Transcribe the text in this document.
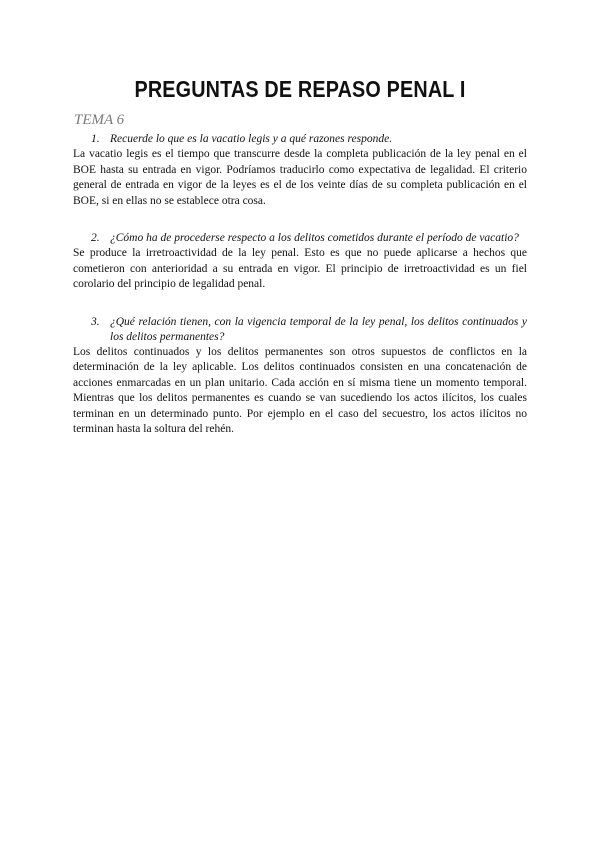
PREGUNTAS DE REPASO PENAL I
TEMA 6

1. Recuerde lo que es la vacatio legis y a qué razones responde.

La vacatio legis es el tiempo que transcurre desde la completa publicación de la ley penal en el BOE hasta su entrada en vigor. Podríamos traducirlo como expectativa de legalidad. El criterio general de entrada en vigor de la leyes es el de los veinte días de su completa publicación en el BOE, si en ellas no se establece otra cosa.

2. ¿Cómo ha de procederse respecto a los delitos cometidos durante el período de vacatio?

Se produce la irretroactividad de la ley penal. Esto es que no puede aplicarse a hechos que cometieron con anterioridad a su entrada en vigor. El principio de irretroactividad es un fiel corolario del principio de legalidad penal.

3. ¿Qué relación tienen, con la vigencia temporal de la ley penal, los delitos continuados y los delitos permanentes?

Los delitos continuados y los delitos permanentes son otros supuestos de conflictos en la determinación de la ley aplicable. Los delitos continuados consisten en una concatenación de acciones enmarcadas en un plan unitario. Cada acción en sí misma tiene un momento temporal. Mientras que los delitos permanentes es cuando se van sucediendo los actos ilícitos, los cuales terminan en un determinado punto. Por ejemplo en el caso del secuestro, los actos ilícitos no terminan hasta la soltura del rehén.
